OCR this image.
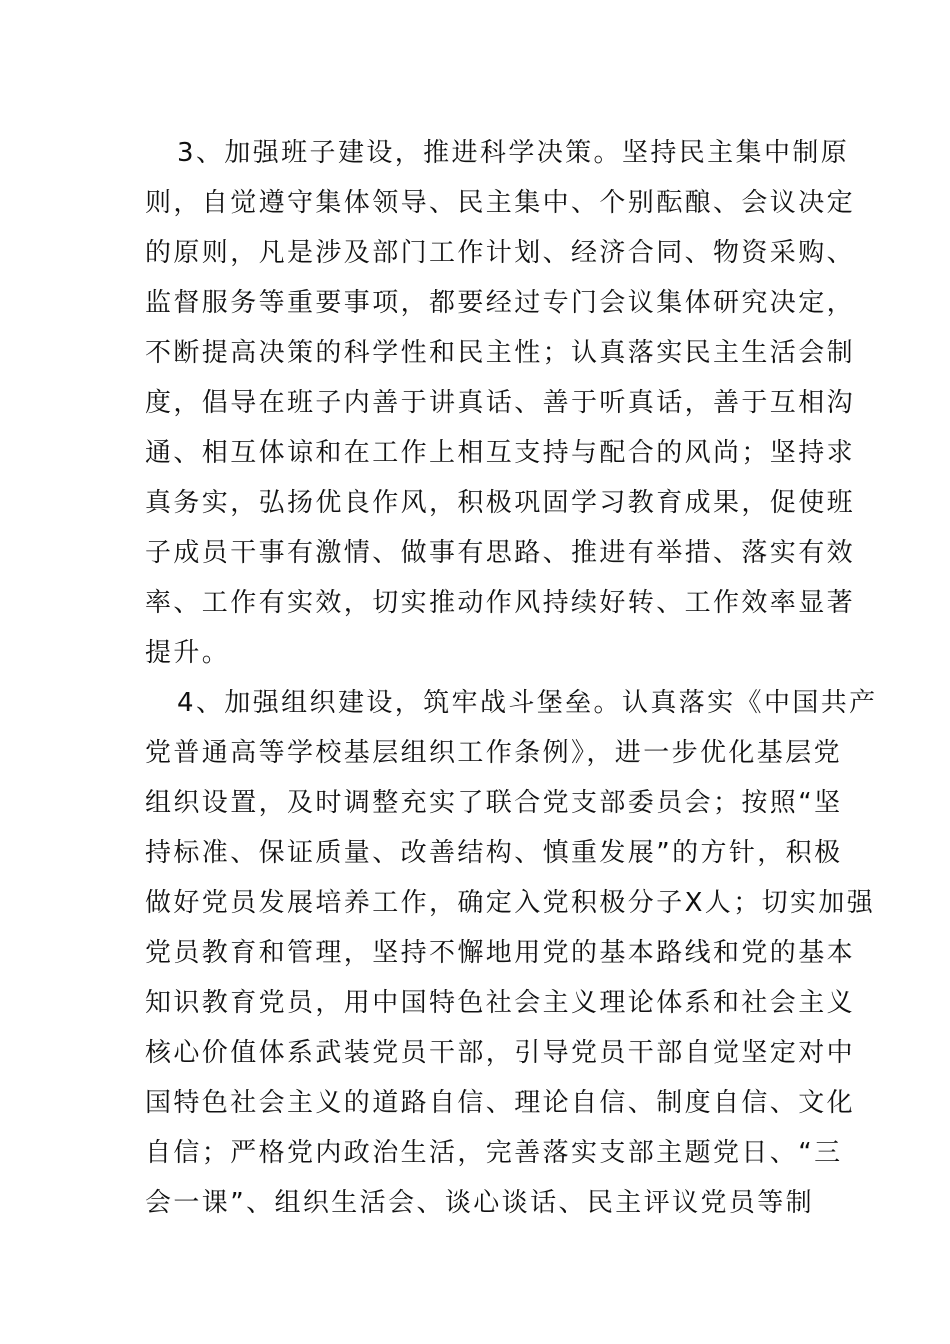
3、加强班子建设，推进科学决策。坚持民主集中制原
则，自觉遵守集体领导、民主集中、个别酝酿、会议决定
的原则，凡是涉及部门工作计划、经济合同、物资采购、
监督服务等重要事项，都要经过专门会议集体研究决定，
不断提高决策的科学性和民主性；认真落实民主生活会制
度，倡导在班子内善于讲真话、善于听真话，善于互相沟
通、相互体谅和在工作上相互支持与配合的风尚；坚持求
真务实，弘扬优良作风，积极巩固学习教育成果，促使班
子成员干事有激情、做事有思路、推进有举措、落实有效
率、工作有实效，切实推动作风持续好转、工作效率显著
提升。
4、加强组织建设，筑牢战斗堡垒。认真落实《中国共产
党普通高等学校基层组织工作条例》，进一步优化基层党
组织设置，及时调整充实了联合党支部委员会；按照“坚
持标准、保证质量、改善结构、慎重发展”的方针，积极
做好党员发展培养工作，确定入党积极分子X人；切实加强
党员教育和管理，坚持不懈地用党的基本路线和党的基本
知识教育党员，用中国特色社会主义理论体系和社会主义
核心价值体系武装党员干部，引导党员干部自觉坚定对中
国特色社会主义的道路自信、理论自信、制度自信、文化
自信；严格党内政治生活，完善落实支部主题党日、“三
会一课”、组织生活会、谈心谈话、民主评议党员等制
